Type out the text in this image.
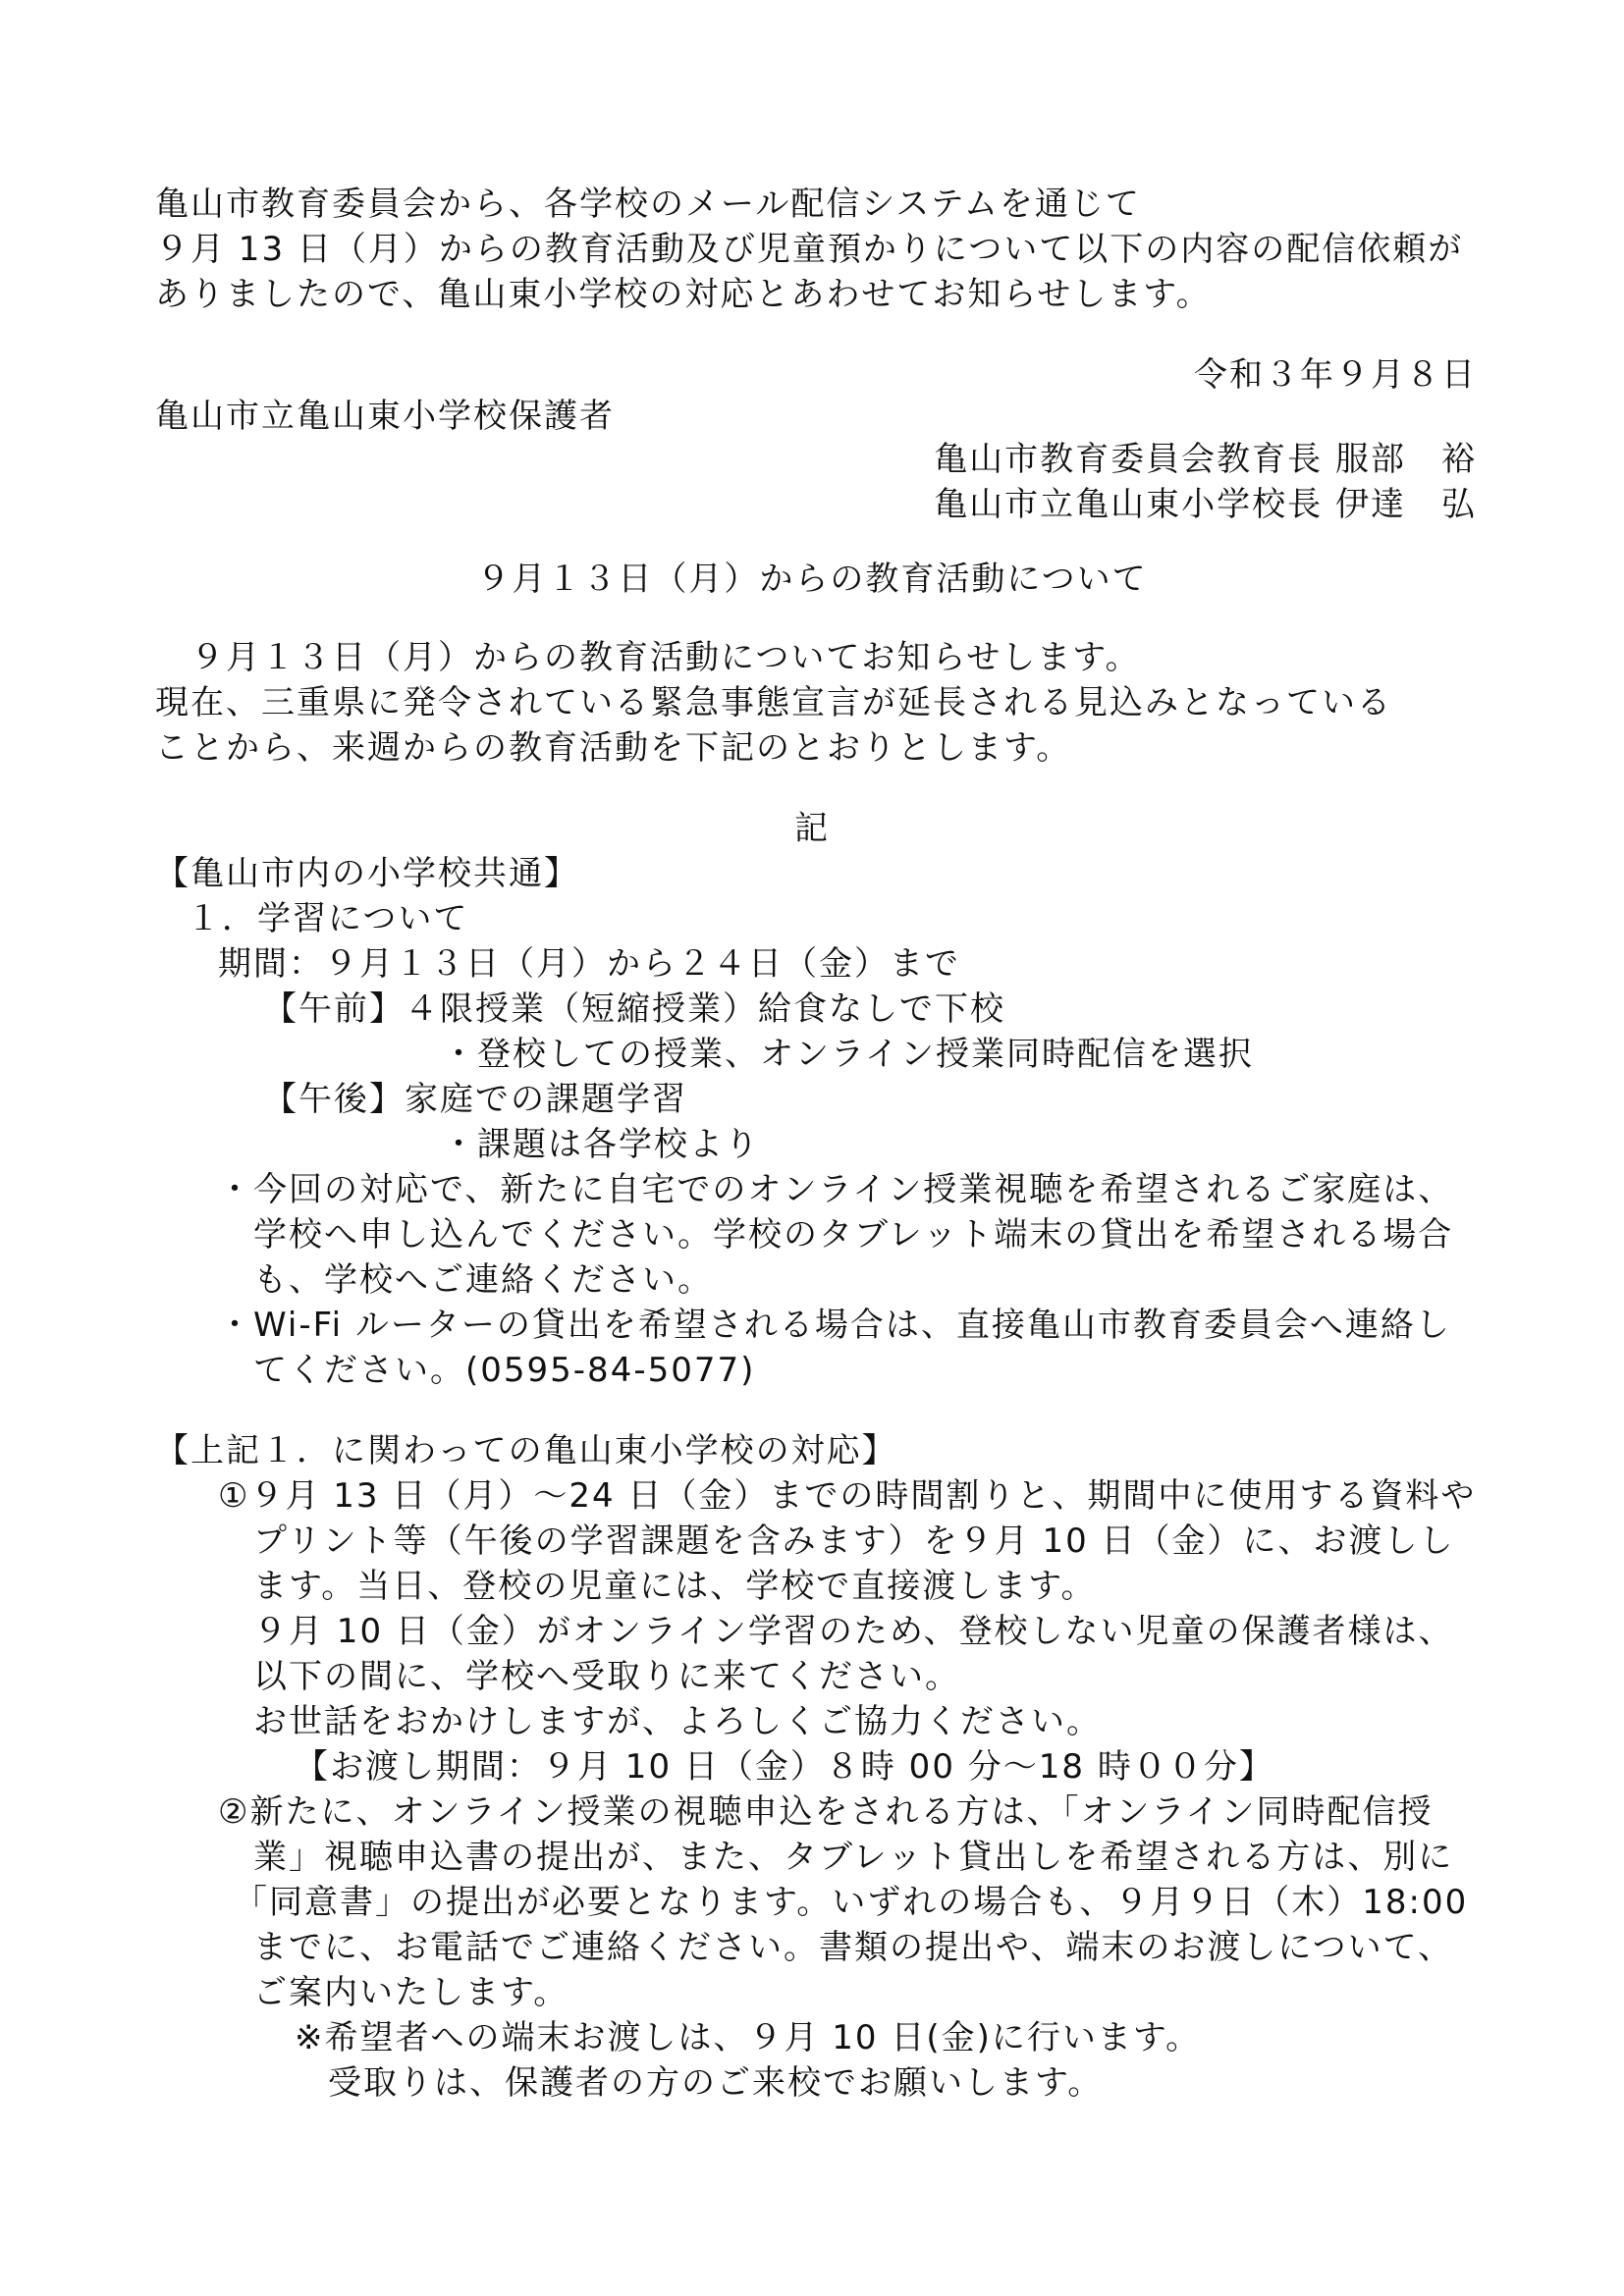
亀山市教育委員会から、各学校のメール配信システムを通じて
９月 13 日（月）からの教育活動及び児童預かりについて以下の内容の配信依頼が
ありましたので、亀山東小学校の対応とあわせてお知らせします。
令和３年９月８日
亀山市立亀山東小学校保護者
亀山市教育委員会教育長 服部　裕
亀山市立亀山東小学校長 伊達　弘
９月１３日（月）からの教育活動について
　９月１３日（月）からの教育活動についてお知らせします。
現在、三重県に発令されている緊急事態宣言が延長される見込みとなっている
ことから、来週からの教育活動を下記のとおりとします。
記
【亀山市内の小学校共通】
１．学習について
期間：９月１３日（月）から２４日（金）まで
【午前】４限授業（短縮授業）給食なしで下校
・登校しての授業、オンライン授業同時配信を選択
【午後】家庭での課題学習
・課題は各学校より
・今回の対応で、新たに自宅でのオンライン授業視聴を希望されるご家庭は、
　学校へ申し込んでください。学校のタブレット端末の貸出を希望される場合
　も、学校へご連絡ください。
・Wi-Fi ルーターの貸出を希望される場合は、直接亀山市教育委員会へ連絡し
　てください。(0595-84-5077)
【上記１．に関わっての亀山東小学校の対応】
①９月 13 日（月）～24 日（金）までの時間割りと、期間中に使用する資料や
　プリント等（午後の学習課題を含みます）を９月 10 日（金）に、お渡しし
　ます。当日、登校の児童には、学校で直接渡します。
　９月 10 日（金）がオンライン学習のため、登校しない児童の保護者様は、
　以下の間に、学校へ受取りに来てください。
　お世話をおかけしますが、よろしくご協力ください。
【お渡し期間：９月 10 日（金）８時 00 分～18 時００分】
②新たに、オンライン授業の視聴申込をされる方は、「オンライン同時配信授
　業」視聴申込書の提出が、また、タブレット貸出しを希望される方は、別に
「同意書」の提出が必要となります。いずれの場合も、９月９日（木）18:00
　までに、お電話でご連絡ください。書類の提出や、端末のお渡しについて、
　ご案内いたします。
※希望者への端末お渡しは、９月 10 日(金)に行います。
受取りは、保護者の方のご来校でお願いします。
